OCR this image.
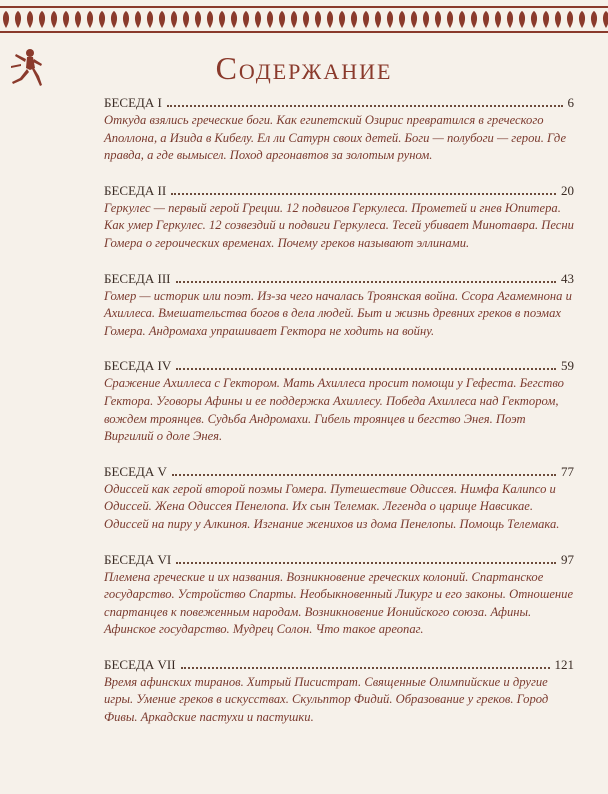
Содержание
БЕСЕДА I	6
Откуда взялись греческие боги. Как египетский Озирис превратился в греческого Аполлона, а Изида в Кибелу. Ел ли Сатурн своих детей. Боги — полубоги — герои. Где правда, а где вымысел. Поход аргонавтов за золотым руном.
БЕСЕДА II	20
Геркулес — первый герой Греции. 12 подвигов Геркулеса. Прометей и гнев Юпитера. Как умер Геркулес. 12 созвездий и подвиги Геркулеса. Тесей убивает Минотавра. Песни Гомера о героических временах. Почему греков называют эллинами.
БЕСЕДА III	43
Гомер — историк или поэт. Из-за чего началась Троянская война. Ссора Агамемнона и Ахиллеса. Вмешательства богов в дела людей. Быт и жизнь древних греков в поэмах Гомера. Андромаха упрашивает Гектора не ходить на войну.
БЕСЕДА IV	59
Сражение Ахиллеса с Гектором. Мать Ахиллеса просит помощи у Гефеста. Бегство Гектора. Уговоры Афины и ее поддержка Ахиллесу. Победа Ахиллеса над Гектором, вождем троянцев. Судьба Андромахи. Гибель троянцев и бегство Энея. Поэт Виргилий о доле Энея.
БЕСЕДА V	77
Одиссей как герой второй поэмы Гомера. Путешествие Одиссея. Нимфа Калипсо и Одиссей. Жена Одиссея Пенелопа. Их сын Телемак. Легенда о царице Навсикае. Одиссей на пиру у Алкиноя. Изгнание женихов из дома Пенелопы. Помощь Телемака.
БЕСЕДА VI	97
Племена греческие и их названия. Возникновение греческих колоний. Спартанское государство. Устройство Спарты. Необыкновенный Ликург и его законы. Отношение спартанцев к повеженным народам. Возникновение Ионийского союза. Афины. Афинское государство. Мудрец Солон. Что такое ареопаг.
БЕСЕДА VII	121
Время афинских тиранов. Хитрый Писистрат. Священные Олимпийские и другие игры. Умение греков в искусствах. Скульптор Фидий. Образование у греков. Город Фивы. Аркадские пастухи и пастушки.
